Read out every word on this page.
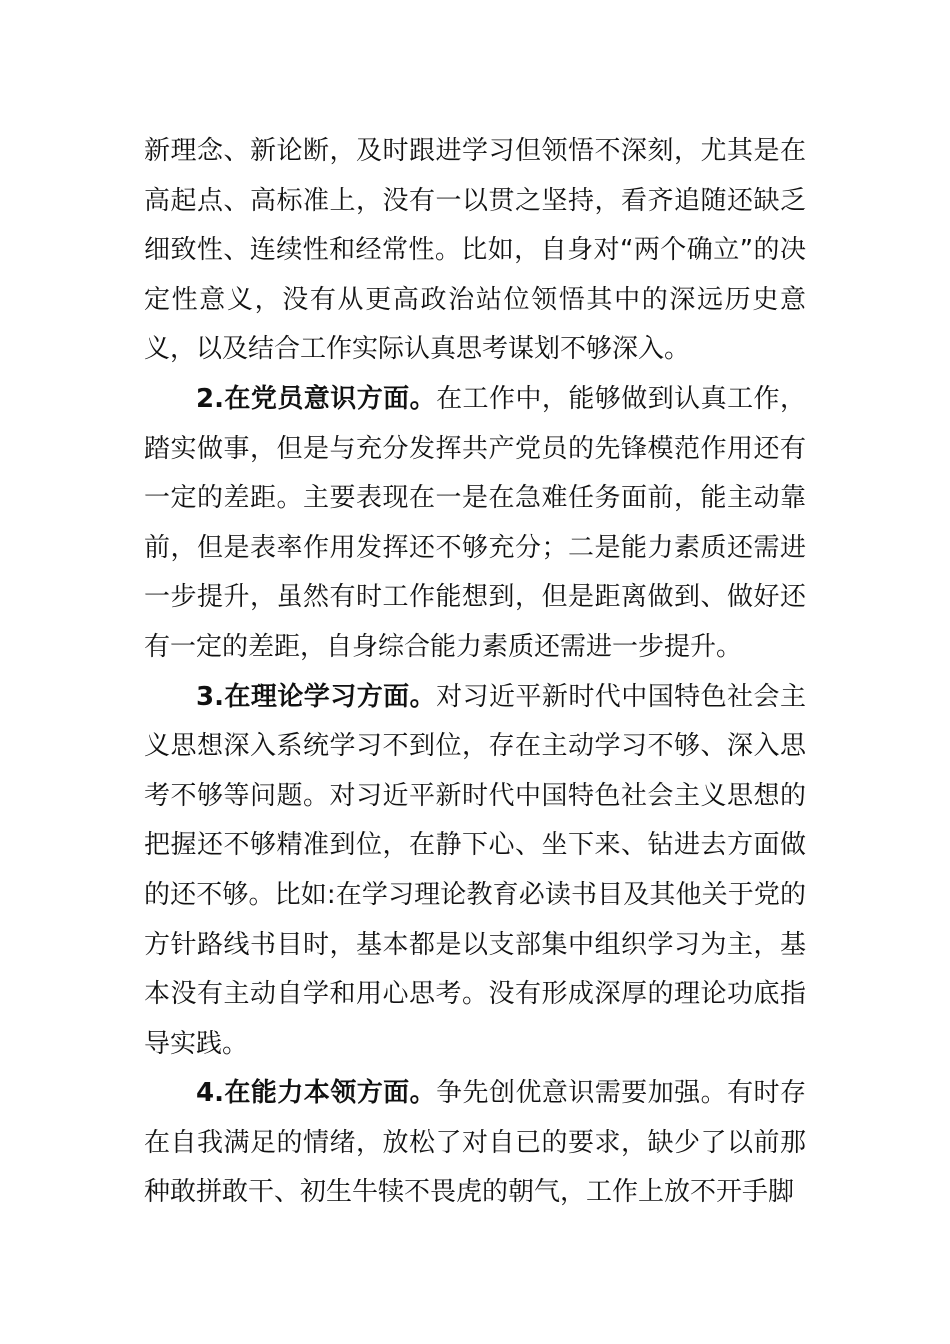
新理念、新论断，及时跟进学习但领悟不深刻，尤其是在高起点、高标准上，没有一以贯之坚持，看齐追随还缺乏细致性、连续性和经常性。比如，自身对“两个确立”的决定性意义，没有从更高政治站位领悟其中的深远历史意义，以及结合工作实际认真思考谋划不够深入。

2.在党员意识方面。在工作中，能够做到认真工作，踏实做事，但是与充分发挥共产党员的先锋模范作用还有一定的差距。主要表现在一是在急难任务面前，能主动靠前，但是表率作用发挥还不够充分；二是能力素质还需进一步提升，虽然有时工作能想到，但是距离做到、做好还有一定的差距，自身综合能力素质还需进一步提升。

3.在理论学习方面。对习近平新时代中国特色社会主义思想深入系统学习不到位，存在主动学习不够、深入思考不够等问题。对习近平新时代中国特色社会主义思想的把握还不够精准到位，在静下心、坐下来、钻进去方面做的还不够。比如:在学习理论教育必读书目及其他关于党的方针路线书目时，基本都是以支部集中组织学习为主，基本没有主动自学和用心思考。没有形成深厚的理论功底指导实践。

4.在能力本领方面。争先创优意识需要加强。有时存在自我满足的情绪，放松了对自已的要求，缺少了以前那种敢拼敢干、初生牛犊不畏虎的朝气，工作上放不开手脚
